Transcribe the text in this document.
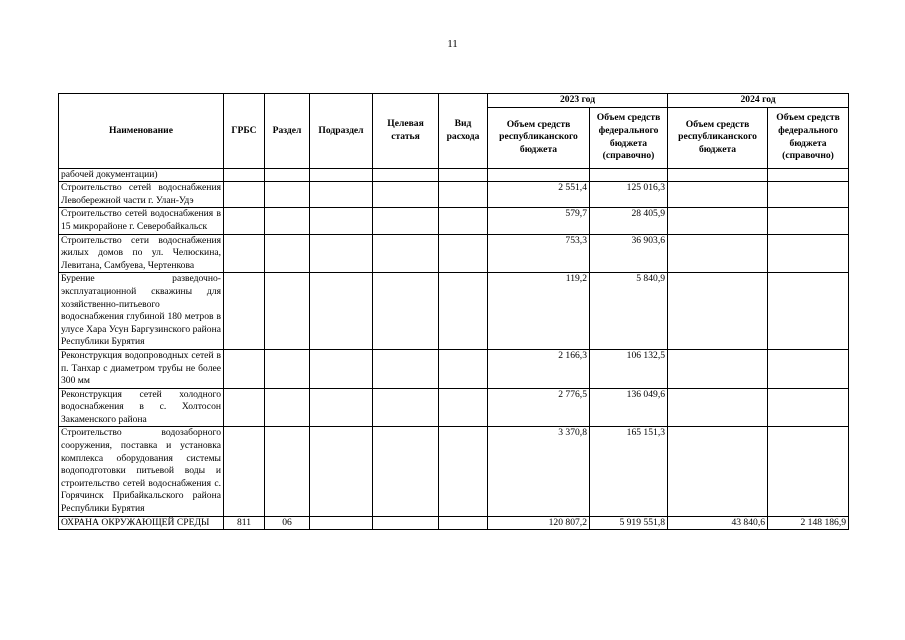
11
Наименование	ГРБС	Раздел	Подраздел	Целевая статья	Вид расхода	2023 год		2024 год	
						Объем средств республиканского бюджета	Объем средств федерального бюджета (справочно)	Объем средств республиканского бюджета	Объем средств федерального бюджета (справочно)
рабочей документации)									
Строительство сетей водоснабжения Левобережной части г. Улан-Удэ						2 551,4	125 016,3		
Строительство сетей водоснабжения в 15 микрорайоне г. Северобайкальск						579,7	28 405,9		
Строительство сети водоснабжения жилых домов по ул. Челюскина, Левитана, Самбуева, Чертенкова						753,3	36 903,6		
Бурение разведочно-эксплуатационной скважины для хозяйственно-питьевого водоснабжения глубиной 180 метров в улусе Хара Усун Баргузинского района Республики Бурятия						119,2	5 840,9		
Реконструкция водопроводных сетей в п. Танхар с диаметром трубы не более 300 мм						2 166,3	106 132,5		
Реконструкция сетей холодного водоснабжения в с. Холтосон Закаменского района						2 776,5	136 049,6		
Строительство водозаборного сооружения, поставка и установка комплекса оборудования системы водоподготовки питьевой воды и строительство сетей водоснабжения с. Горячинск Прибайкальского района Республики Бурятия						3 370,8	165 151,3		
ОХРАНА ОКРУЖАЮЩЕЙ СРЕДЫ	811	06				120 807,2	5 919 551,8	43 840,6	2 148 186,9
